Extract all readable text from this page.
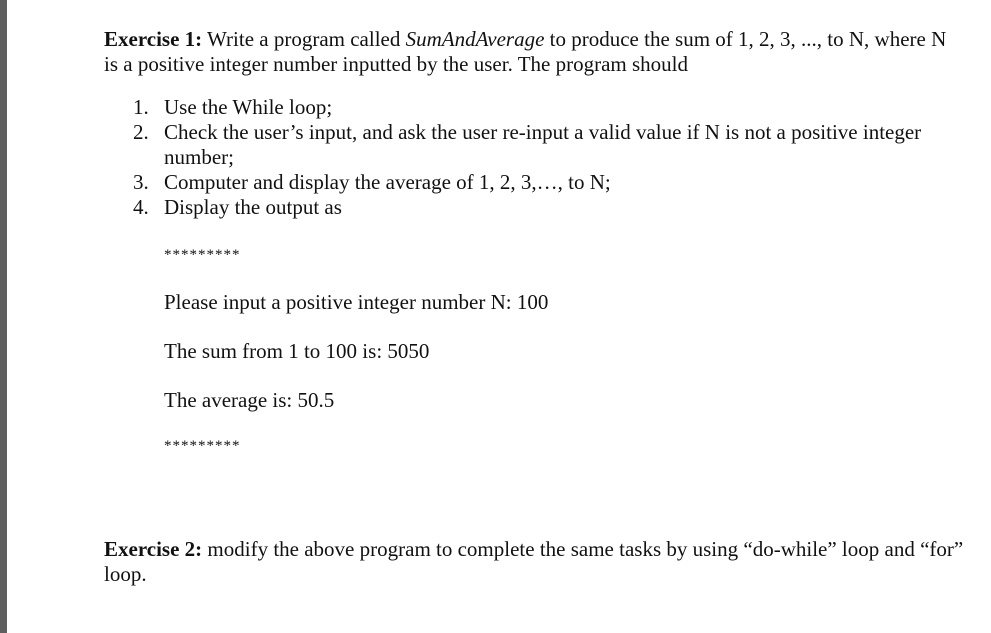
Exercise 1: Write a program called SumAndAverage to produce the sum of 1, 2, 3, ..., to N, where N is a positive integer number inputted by the user. The program should

1. Use the While loop;
2. Check the user’s input, and ask the user re-input a valid value if N is not a positive integer number;
3. Computer and display the average of 1, 2, 3,…, to N;
4. Display the output as
*********
Please input a positive integer number N: 100
The sum from 1 to 100 is: 5050
The average is: 50.5
*********

Exercise 2: modify the above program to complete the same tasks by using “do-while” loop and “for” loop.
